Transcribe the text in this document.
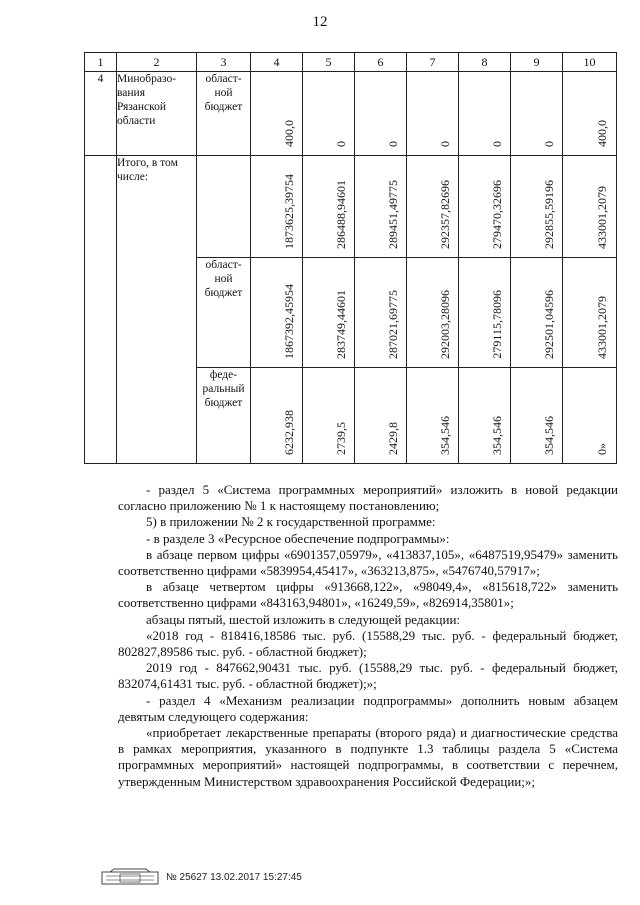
12
1	2	3	4	5	6	7	8	9	10
4	Минобразо-вания Рязанской области	област-ной бюджет	400,0	0	0	0	0	0	400,0

	Итого, в том числе:		1873625,39754	286488,94601	289451,49775	292357,82696	279470,32696	292855,59196	433001,2079

		област-ной бюджет	1867392,45954	283749,44601	287021,69775	292003,28096	279115,78096	292501,04596	433001,2079

		феде-ральный бюджет	6232,938	2739,5	2429,8	354,546	354,546	354,546	0»

- раздел 5 «Система программных мероприятий» изложить в новой редакции согласно приложению № 1 к настоящему постановлению;

5) в приложении № 2 к государственной программе:

- в разделе 3 «Ресурсное обеспечение подпрограммы»:

в абзаце первом цифры «6901357,05979», «413837,105», «6487519,95479» заменить соответственно цифрами «5839954,45417», «363213,875», «5476740,57917»;

в абзаце четвертом цифры «913668,122», «98049,4», «815618,722» заменить соответственно цифрами «843163,94801», «16249,59», «826914,35801»;

абзацы пятый, шестой изложить в следующей редакции:

«2018 год - 818416,18586 тыс. руб. (15588,29 тыс. руб. - федеральный бюджет, 802827,89586 тыс. руб. - областной бюджет);

2019 год - 847662,90431 тыс. руб. (15588,29 тыс. руб. - федеральный бюджет, 832074,61431 тыс. руб. - областной бюджет);»;

- раздел 4 «Механизм реализации подпрограммы» дополнить новым абзацем девятым следующего содержания:

«приобретает лекарственные препараты (второго ряда) и диагностические средства в рамках мероприятия, указанного в подпункте 1.3 таблицы раздела 5 «Система программных мероприятий» настоящей подпрограммы, в соответствии с перечнем, утвержденным Министерством здравоохранения Российской Федерации;»;

№ 25627 13.02.2017 15:27:45
